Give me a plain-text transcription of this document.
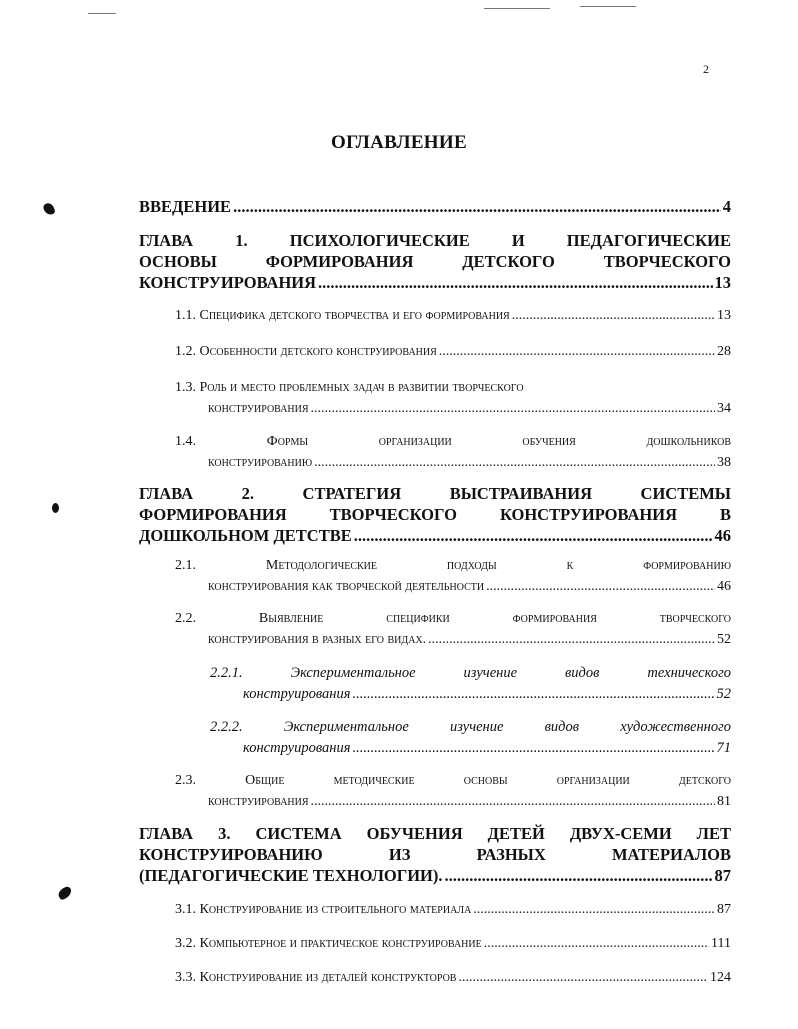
2
ОГЛАВЛЕНИЕ
ВВЕДЕНИЕ .....	4
ГЛАВА 1. ПСИХОЛОГИЧЕСКИЕ И ПЕДАГОГИЧЕСКИЕ
ОСНОВЫ ФОРМИРОВАНИЯ ДЕТСКОГО ТВОРЧЕСКОГО
КОНСТРУИРОВАНИЯ .....	13
1.1. Специфика детского творчества и его формирования .....	13
1.2. Особенности детского конструирования .....	28
1.3. Роль и место проблемных задач в развитии творческого
конструирования .....	34
1.4.	Формы организации обучения дошкольников
конструированию .....	38
ГЛАВА 2. СТРАТЕГИЯ ВЫСТРАИВАНИЯ СИСТЕМЫ
ФОРМИРОВАНИЯ ТВОРЧЕСКОГО КОНСТРУИРОВАНИЯ В
ДОШКОЛЬНОМ ДЕТСТВЕ .....	46
2.1.	Методологические подходы к формированию
конструирования как творческой деятельности .....	46
2.2.	Выявление специфики формирования творческого
конструирования в разных его видах. .....	52
2.2.1.	Экспериментальное изучение видов технического
конструирования .....	52
2.2.2.	Экспериментальное изучение видов художественного
конструирования .....	71
2.3.	Общие методические основы организации детского
конструирования .....	81
ГЛАВА 3. СИСТЕМА ОБУЧЕНИЯ ДЕТЕЙ ДВУХ-СЕМИ ЛЕТ
КОНСТРУИРОВАНИЮ ИЗ РАЗНЫХ МАТЕРИАЛОВ
(ПЕДАГОГИЧЕСКИЕ ТЕХНОЛОГИИ). .....	87
3.1. Конструирование из строительного материала .....	87
3.2. Компьютерное и практическое конструирование .....	111
3.3. Конструирование из деталей конструкторов .....	124
